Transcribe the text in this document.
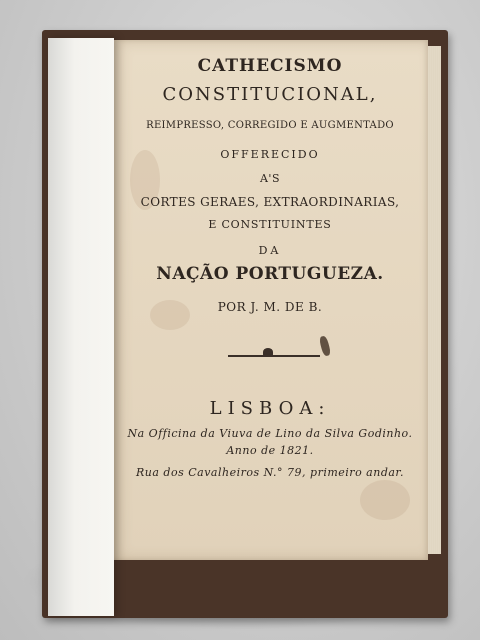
CATHECISMO
CONSTITUCIONAL,
REIMPRESSO, CORREGIDO E AUGMENTADO
OFFERECIDO
A'S
CORTES GERAES, EXTRAORDINARIAS,
E CONSTITUINTES
DA
NAÇÃO PORTUGUEZA.
POR J. M. DE B.
LISBOA:
Na Officina da Viuva de Lino da Silva Godinho.
Anno de 1821.
Rua dos Cavalheiros N.° 79, primeiro andar.
